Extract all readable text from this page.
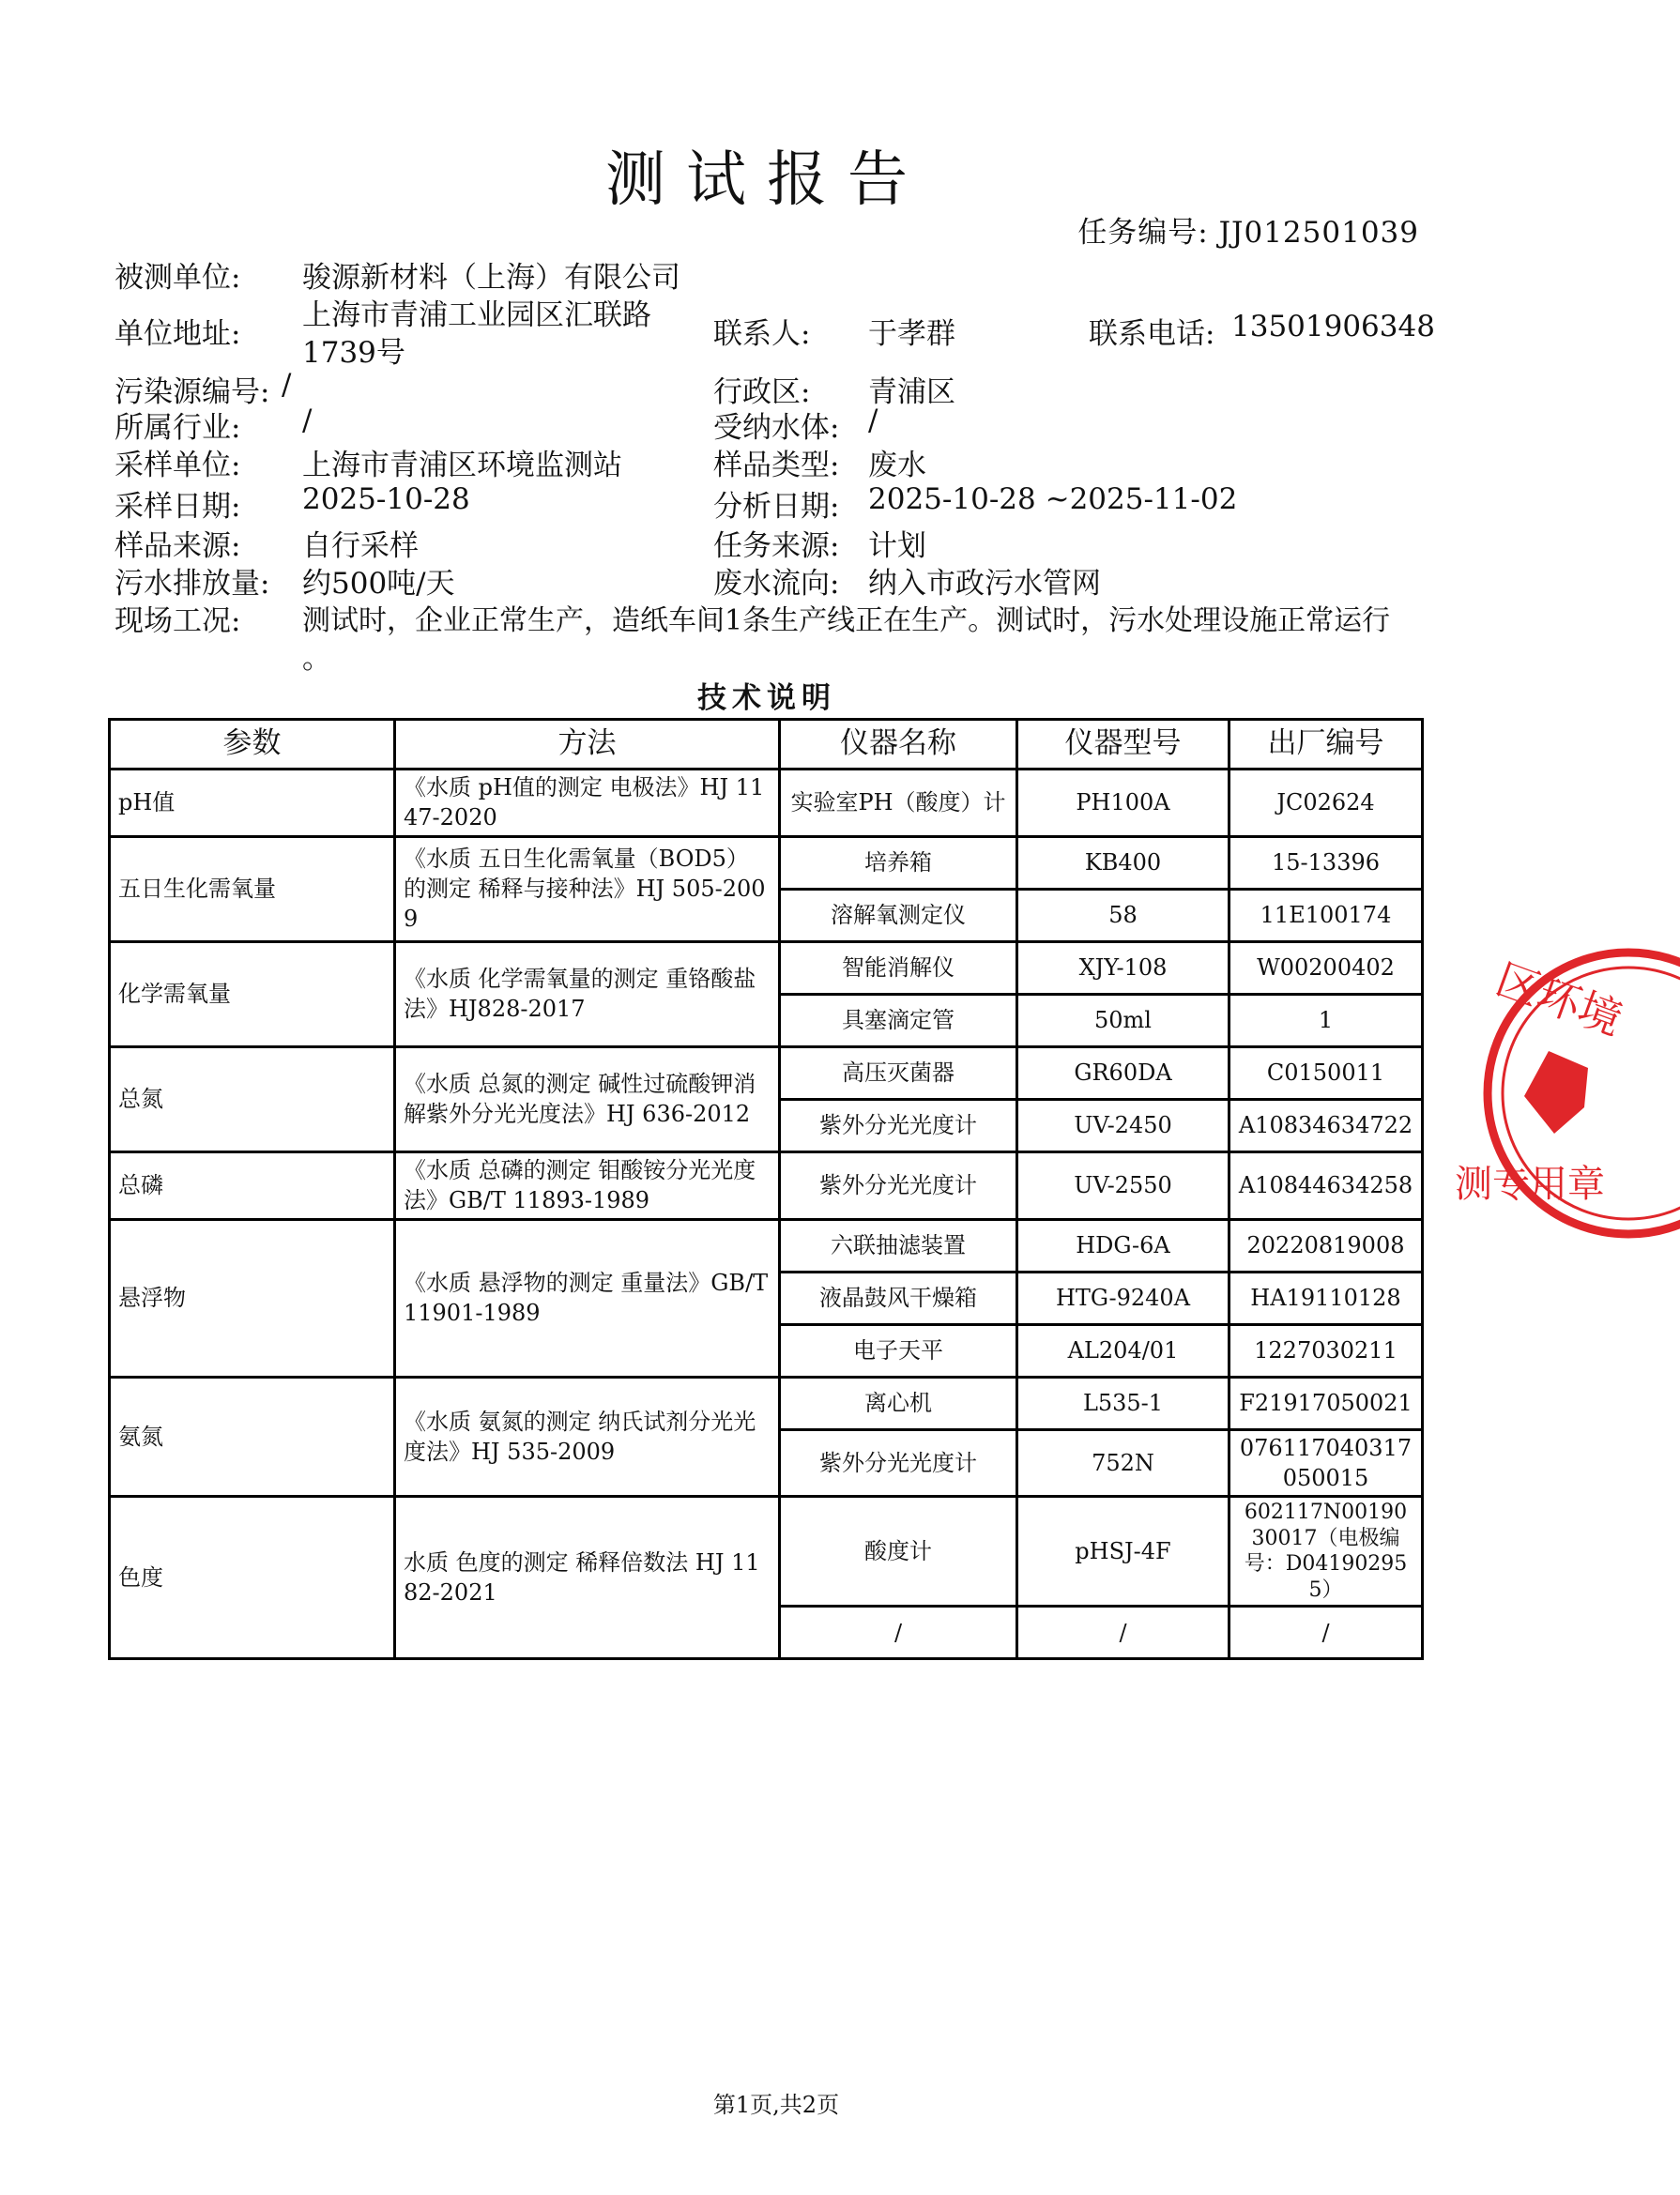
测试报告
任务编号: JJ012501039
被测单位: 骏源新材料（上海）有限公司
单位地址:
上海市青浦工业园区汇联路
1739号
联系人: 于孝群	联系电话: 13501906348
污染源编号: /	行政区: 青浦区
所属行业: /	受纳水体: /
采样单位: 上海市青浦区环境监测站	样品类型: 废水
采样日期: 2025-10-28	分析日期: 2025-10-28 ~2025-11-02
样品来源: 自行采样	任务来源: 计划
污水排放量: 约500吨/天	废水流向: 纳入市政污水管网
现场工况: 测试时，企业正常生产，造纸车间1条生产线正在生产。测试时，污水处理设施正常运行
。
技术说明
参数	方法	仪器名称	仪器型号	出厂编号
pH值	《水质 pH值的测定 电极法》HJ 1147-2020	实验室PH（酸度）计	PH100A	JC02624
五日生化需氧量	《水质 五日生化需氧量（BOD5）的测定 稀释与接种法》HJ 505-2009	培养箱	KB400	15-13396
		溶解氧测定仪	58	11E100174
化学需氧量	《水质 化学需氧量的测定 重铬酸盐法》HJ828-2017	智能消解仪	XJY-108	W00200402
		具塞滴定管	50ml	1
总氮	《水质 总氮的测定 碱性过硫酸钾消解紫外分光光度法》HJ 636-2012	高压灭菌器	GR60DA	C0150011
		紫外分光光度计	UV-2450	A10834634722
总磷	《水质 总磷的测定 钼酸铵分光光度法》GB/T 11893-1989	紫外分光光度计	UV-2550	A10844634258
悬浮物	《水质 悬浮物的测定 重量法》GB/T 11901-1989	六联抽滤装置	HDG-6A	20220819008
		液晶鼓风干燥箱	HTG-9240A	HA19110128
		电子天平	AL204/01	1227030211
氨氮	《水质 氨氮的测定 纳氏试剂分光光度法》HJ 535-2009	离心机	L535-1	F21917050021
		紫外分光光度计	752N	076117040317050015
色度	水质 色度的测定 稀释倍数法 HJ 1182-2021	酸度计	pHSJ-4F	602117N0019030017（电极编号：D041902955）
		/	/	/
区环境
测专用章
第1页,共2页
